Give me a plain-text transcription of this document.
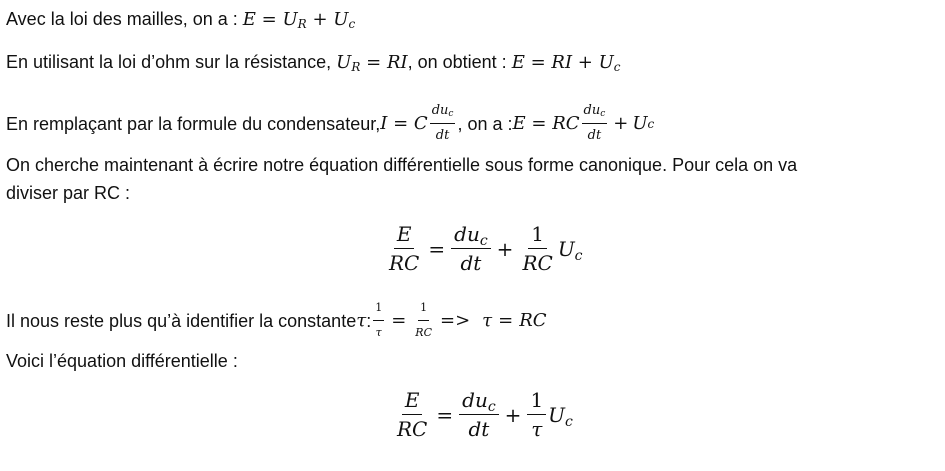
Avec la loi des mailles, on a : $E = U_R + U_c$
En utilisant la loi d’ohm sur la résistance, $U_R$ = RI, on obtient : E = RI + $U_c$
En remplaçant par la formule du condensateur, I
=
C $\frac{du_c}{dt}$ , on a : E
=
RC $\frac{du_c}{dt} + U$ c
On cherche maintenant à écrire notre équation différentielle sous forme canonique. Pour cela on va
diviser par RC :
$\frac{E}{RC} = \frac{du_c}{dt} + \frac{1}{RC} U_c$
Il nous reste plus qu’à identifier la constante τ : $\frac{1}{\tau} = \frac{1}{RC} => \tau$ = RC
Voici l’équation différentielle :
$\frac{E}{RC} = \frac{du_c}{dt} + \frac{1}{\tau} U_c$
